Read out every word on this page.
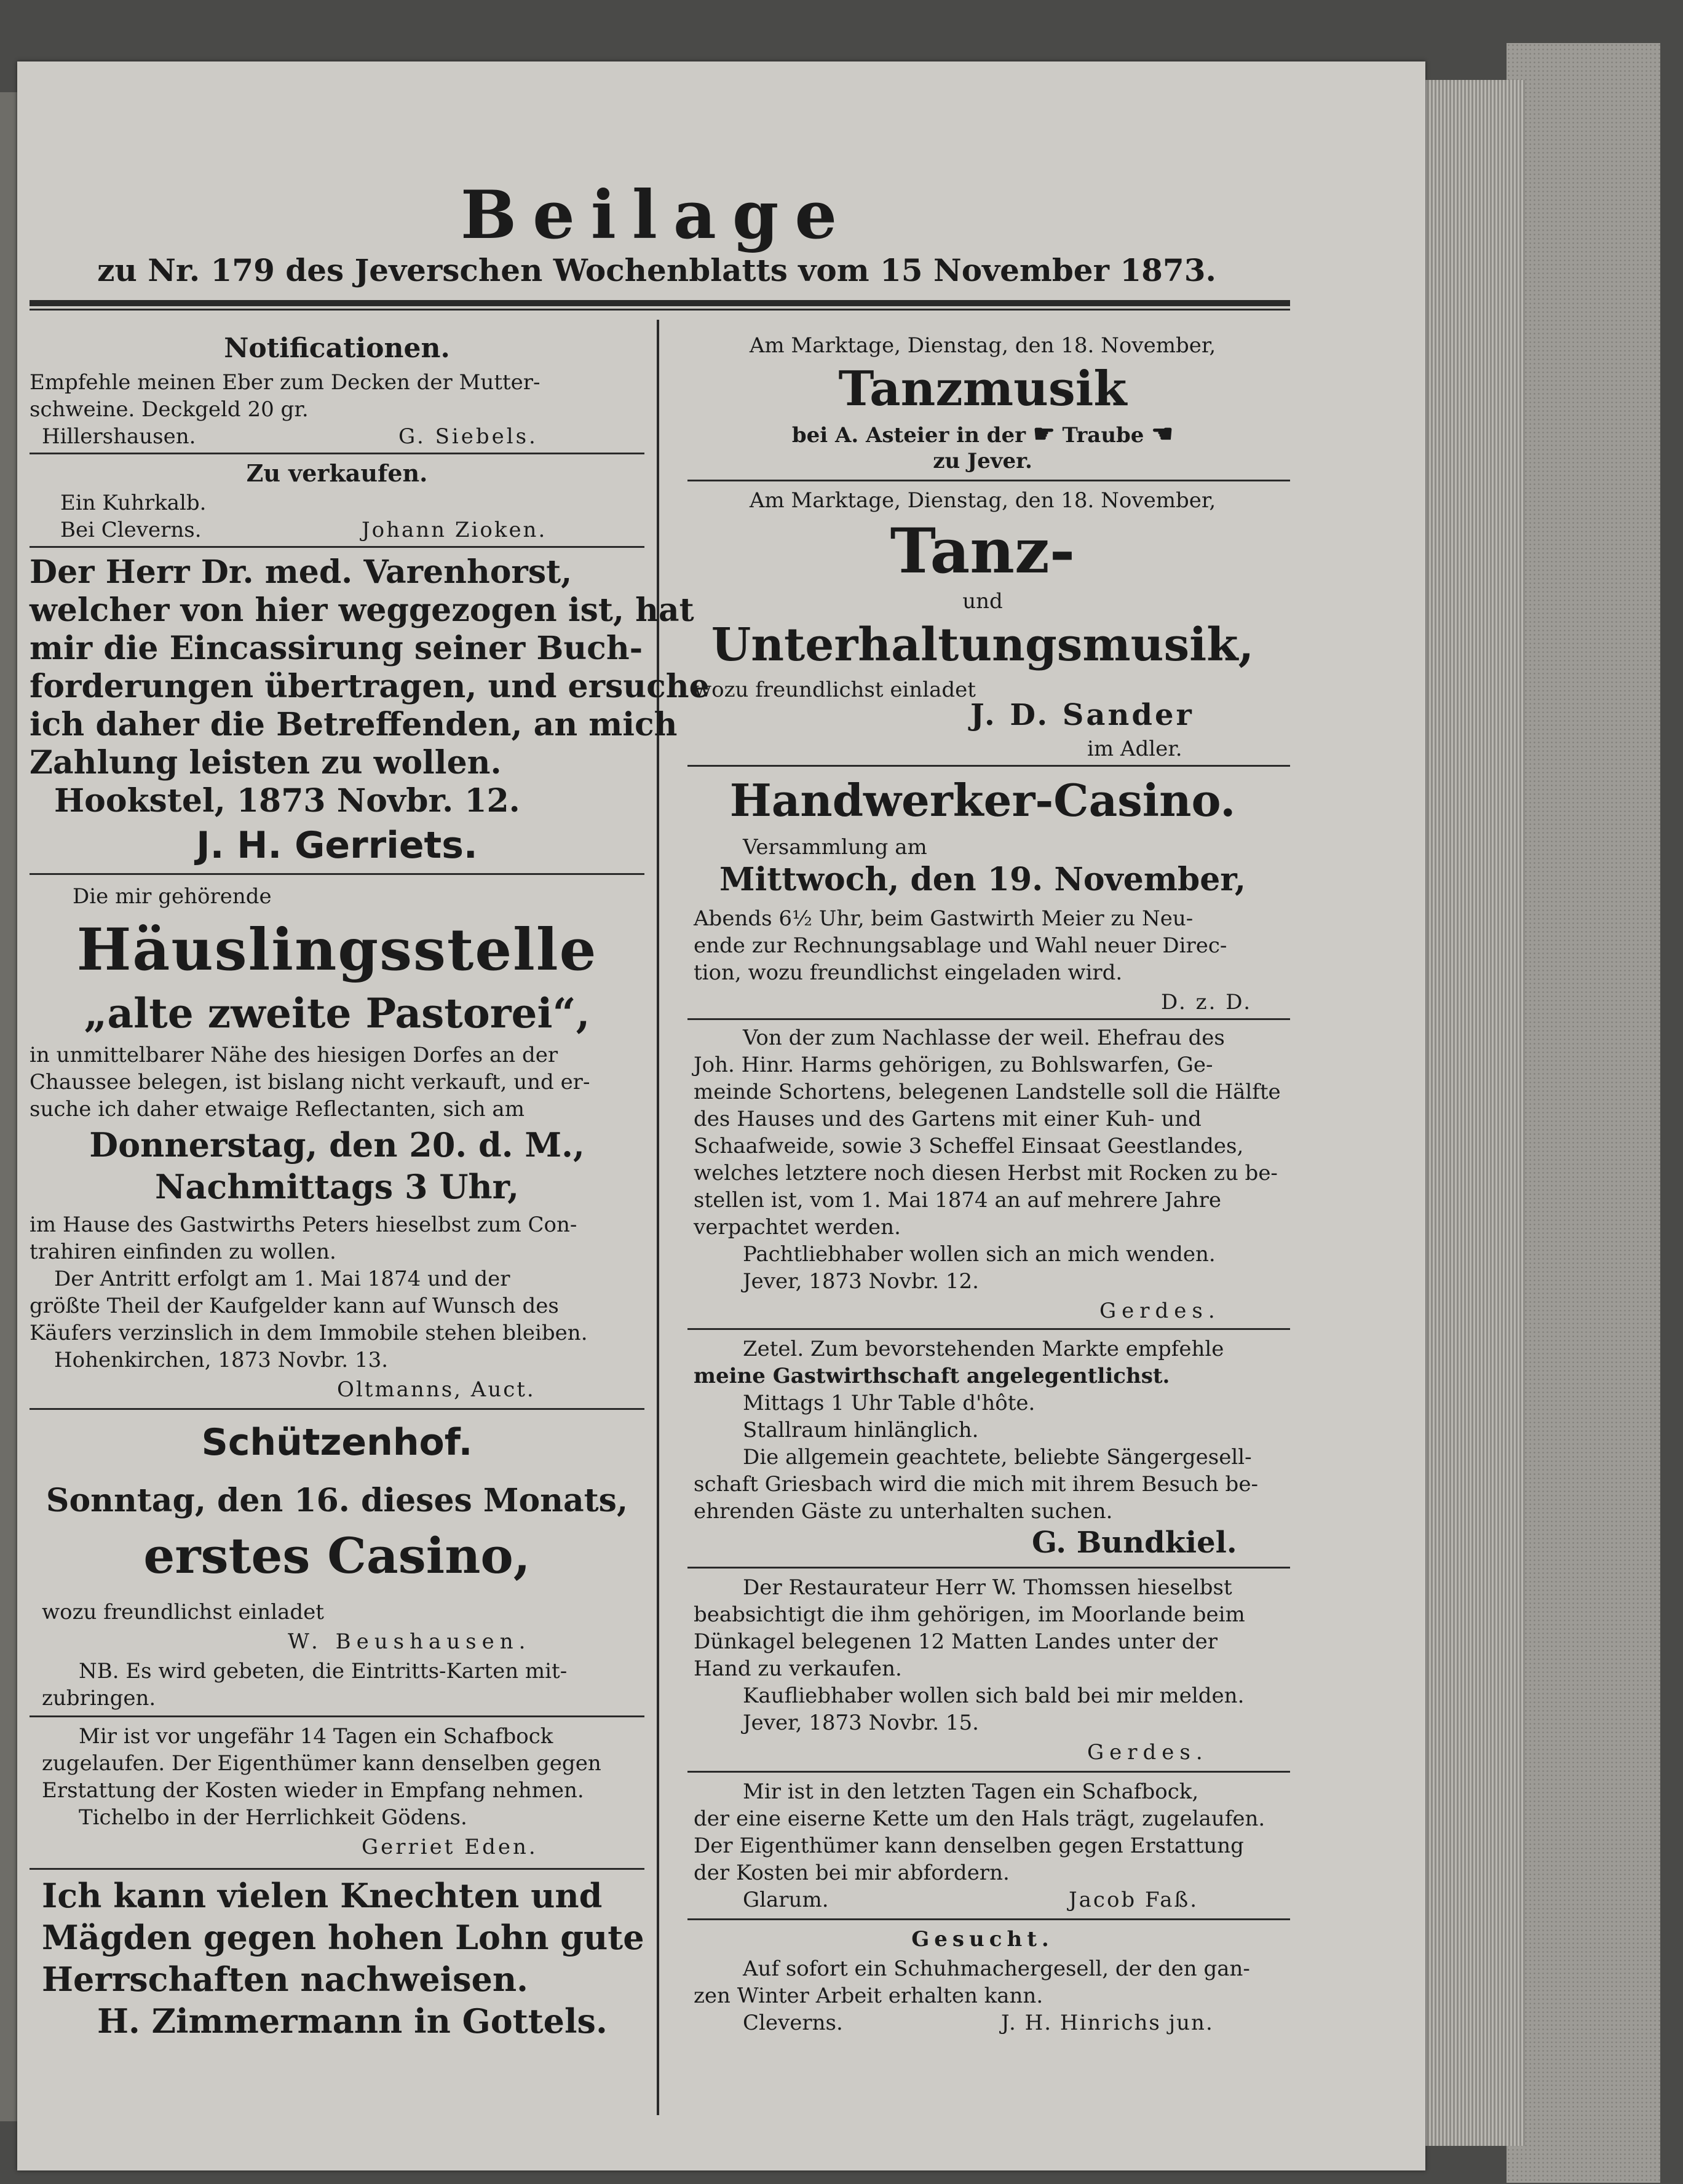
Beilage
zu Nr. 179 des Jeverschen Wochenblatts vom 15 November 1873.
Notificationen.
Empfehle meinen Eber zum Decken der Mutter-
schweine. Deckgeld 20 gr.
Hillershausen.	G. Siebels.
Zu verkaufen.
Ein Kuhrkalb.
Bei Cleverns.	Johann Zioken.
Der Herr Dr. med. Varenhorst,
welcher von hier weggezogen ist, hat
mir die Eincassirung seiner Buch-
forderungen übertragen, und ersuche
ich daher die Betreffenden, an mich
Zahlung leisten zu wollen.
Hookstel, 1873 Novbr. 12.
J. H. Gerriets.
Die mir gehörende
Häuslingsstelle
„alte zweite Pastorei“,
in unmittelbarer Nähe des hiesigen Dorfes an der
Chaussee belegen, ist bislang nicht verkauft, und er-
suche ich daher etwaige Reflectanten, sich am
Donnerstag, den 20. d. M.,
Nachmittags 3 Uhr,
im Hause des Gastwirths Peters hieselbst zum Con-
trahiren einfinden zu wollen.
Der Antritt erfolgt am 1. Mai 1874 und der
größte Theil der Kaufgelder kann auf Wunsch des
Käufers verzinslich in dem Immobile stehen bleiben.
Hohenkirchen, 1873 Novbr. 13.
Oltmanns, Auct.
Schützenhof.
Sonntag, den 16. dieses Monats,
erstes Casino,
wozu freundlichst einladet
W. Beushausen.
NB. Es wird gebeten, die Eintritts-Karten mit-
zubringen.
Mir ist vor ungefähr 14 Tagen ein Schafbock
zugelaufen. Der Eigenthümer kann denselben gegen
Erstattung der Kosten wieder in Empfang nehmen.
Tichelbo in der Herrlichkeit Gödens.
Gerriet Eden.
Ich kann vielen Knechten und
Mägden gegen hohen Lohn gute
Herrschaften nachweisen.
H. Zimmermann in Gottels.
Am Marktage, Dienstag, den 18. November,
Tanzmusik
bei A. Asteier in der ☛ Traube ☚
zu Jever.
Am Marktage, Dienstag, den 18. November,
Tanz-
und
Unterhaltungsmusik,
wozu freundlichst einladet
J. D. Sander
im Adler.
Handwerker-Casino.
Versammlung am
Mittwoch, den 19. November,
Abends 6½ Uhr, beim Gastwirth Meier zu Neu-
ende zur Rechnungsablage und Wahl neuer Direc-
tion, wozu freundlichst eingeladen wird.
D. z. D.
Von der zum Nachlasse der weil. Ehefrau des
Joh. Hinr. Harms gehörigen, zu Bohlswarfen, Ge-
meinde Schortens, belegenen Landstelle soll die Hälfte
des Hauses und des Gartens mit einer Kuh- und
Schaafweide, sowie 3 Scheffel Einsaat Geestlandes,
welches letztere noch diesen Herbst mit Rocken zu be-
stellen ist, vom 1. Mai 1874 an auf mehrere Jahre
verpachtet werden.
Pachtliebhaber wollen sich an mich wenden.
Jever, 1873 Novbr. 12.
Gerdes.
Zetel. Zum bevorstehenden Markte empfehle
meine Gastwirthschaft angelegentlichst.
Mittags 1 Uhr Table d'hôte.
Stallraum hinlänglich.
Die allgemein geachtete, beliebte Sängergesell-
schaft Griesbach wird die mich mit ihrem Besuch be-
ehrenden Gäste zu unterhalten suchen.
G. Bundkiel.
Der Restaurateur Herr W. Thomssen hieselbst
beabsichtigt die ihm gehörigen, im Moorlande beim
Dünkagel belegenen 12 Matten Landes unter der
Hand zu verkaufen.
Kaufliebhaber wollen sich bald bei mir melden.
Jever, 1873 Novbr. 15.
Gerdes.
Mir ist in den letzten Tagen ein Schafbock,
der eine eiserne Kette um den Hals trägt, zugelaufen.
Der Eigenthümer kann denselben gegen Erstattung
der Kosten bei mir abfordern.
Glarum.	Jacob Faß.
Gesucht.
Auf sofort ein Schuhmachergesell, der den gan-
zen Winter Arbeit erhalten kann.
Cleverns.	J. H. Hinrichs jun.
